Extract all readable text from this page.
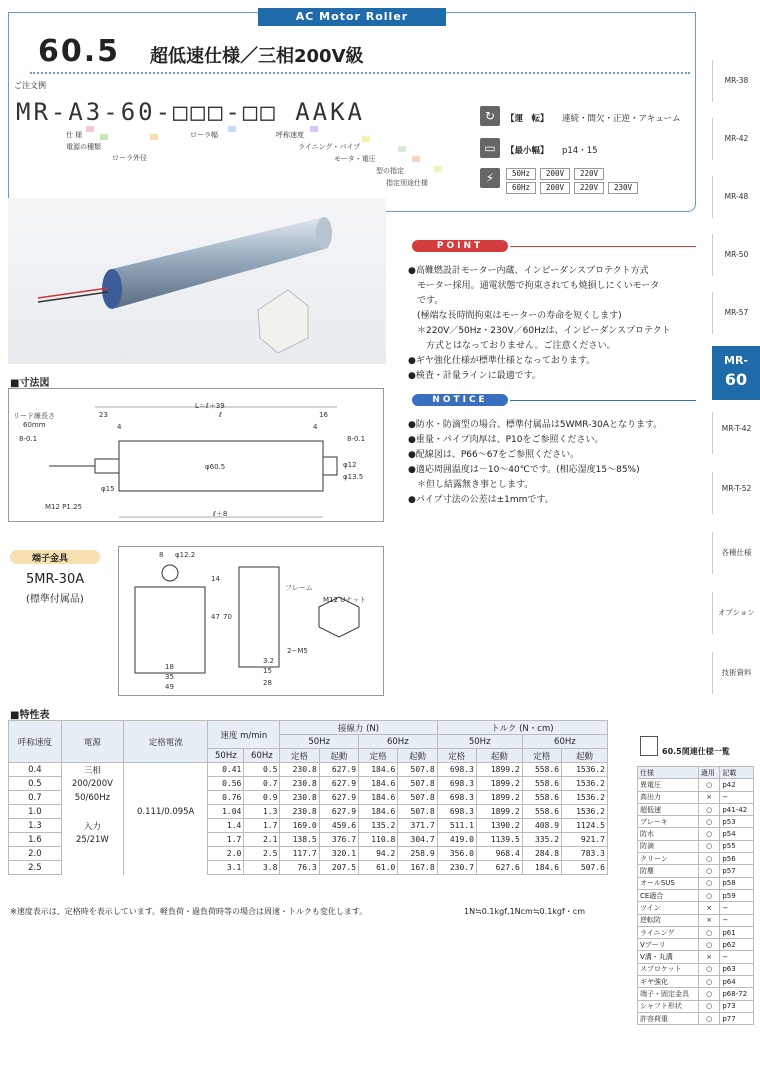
AC Motor Roller
60.5 超低速仕様／三相200V級
ご注文例
MR-A3-60-□□□-□□ AAKA
仕 様
電源の種類
ローラ外径
ローラ幅	呼称速度
ライニング・パイプ
モータ・電圧
型の指定
指定別途仕様
↻	【運　転】 連続・間欠・正逆・アキューム
▭	【最小幅】 p14・15
⚡	50Hz	200V	220V
60Hz	200V	220V	230V
MR-38
MR-42
MR-48
MR-50
MR-57
MR-
60
MR-T-42
MR-T-52
各種仕様
オプション
技術資料
POINT
●高難燃設計モーター内蔵、インピーダンスプロテクト方式
　モーター採用。通電状態で拘束されても焼損しにくいモータ
　です。
　(極端な長時間拘束はモーターの寿命を短くします)
　＊220V／50Hz・230V／60Hzは、インピーダンスプロテクト
　　方式とはなっておりません。ご注意ください。
●ギヤ強化仕様が標準仕様となっております。
●検査・計量ラインに最適です。
NOTICE
●防水・防滴型の場合、標準付属品は5WMR-30Aとなります。
●重量・パイプ肉厚は、P10をご参照ください。
●配線図は、P66～67をご参照ください。
●適応周囲温度は－10～40℃です。(相応湿度15～85%)
　＊但し結露無き事とします。
●パイプ寸法の公差は±1mmです。
■寸法図
L＝ℓ＋39
リード線長さ
60mm
23
4
ℓ	16
4
8-0.1	8-0.1
φ60.5
φ15
M12 P1.25
ℓ＋8
φ12
φ13.5
端子金具
5MR-30A
(標準付属品)
8 φ12.2
14
47 70
18
35
49
フレーム
M12 Uナット
2−M5
3.2
15
28
■特性表
呼称速度	電源	定格電流	速度 m/min		接線力 (N)				トルク (N・cm)			
					50Hz		60Hz		50Hz		60Hz	
			50Hz	60Hz	定格	起動	定格	起動	定格	起動	定格	起動
0.4	三相		0.41	0.5	230.8	627.9	184.6	507.8	698.3	1899.2	558.6	1536.2
0.5	200/200V		0.56	0.7	230.8	627.9	184.6	507.8	698.3	1899.2	558.6	1536.2
0.7	50/60Hz		0.76	0.9	230.8	627.9	184.6	507.8	698.3	1899.2	558.6	1536.2
1.0		0.111/0.095A	1.04	1.3	230.8	627.9	184.6	507.8	698.3	1899.2	558.6	1536.2
1.3	入力		1.4	1.7	169.0	459.6	135.2	371.7	511.1	1390.2	408.9	1124.5
1.6	25/21W		1.7	2.1	138.5	376.7	110.8	304.7	419.0	1139.5	335.2	921.7
2.0			2.0	2.5	117.7	320.1	94.2	258.9	356.0	968.4	284.8	783.3
2.5			3.1	3.8	76.3	207.5	61.0	167.8	230.7	627.6	184.6	507.6
※速度表示は、定格時を表示しています。軽負荷・過負荷時等の場合は周速・トルクも変化します。	1N≒0.1kgf,1Ncm≒0.1kgf・cm
60.5関連仕様一覧
仕様	適用	記載
異電圧	○	p42
高出力	×	−
超低速	○	p41-42
ブレーキ	○	p53
防水	○	p54
防滴	○	p55
クリーン	○	p56
防塵	○	p57
オールSUS	○	p58
CE適合	○	p59
ツイン	×	−
逆転防	×	−
ライニング	○	p61
Vプーリ	○	p62
V溝・丸溝	×	−
スプロケット	○	p63
ギヤ強化	○	p64
端子・固定金具	○	p68-72
シャフト形状	○	p73
許容荷重	○	p77
